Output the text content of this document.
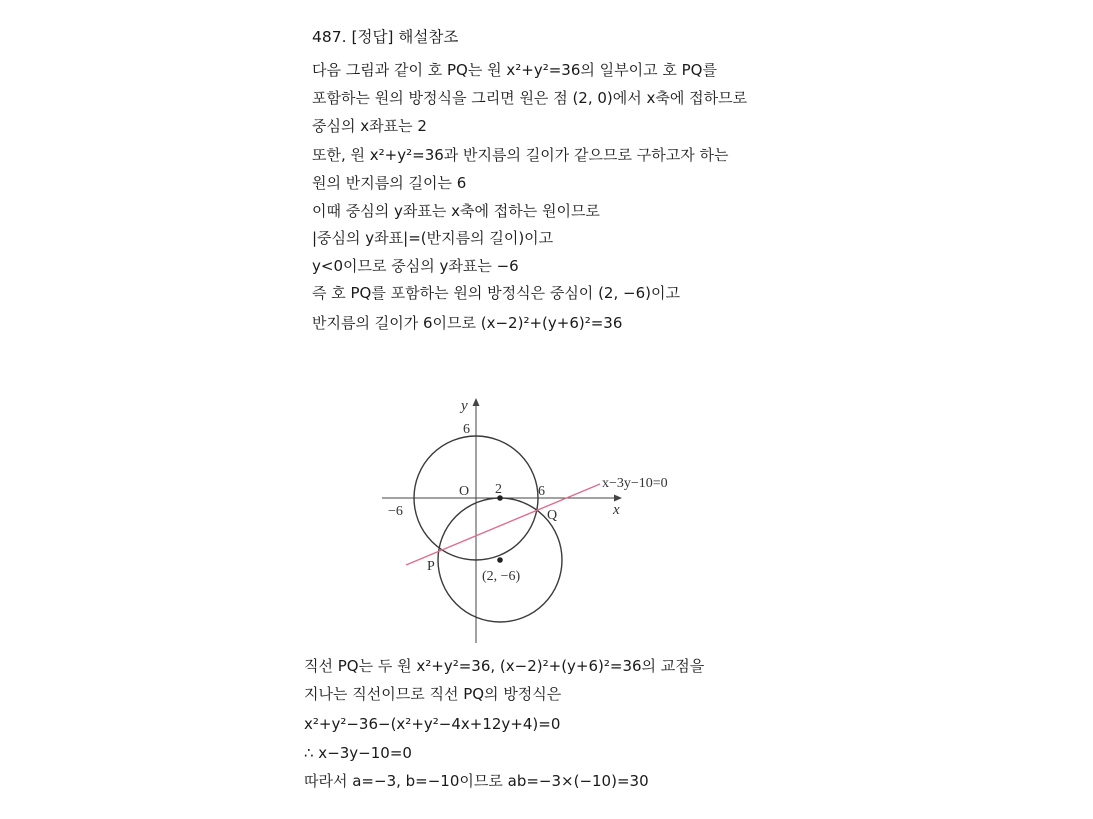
487. [정답] 해설참조
다음 그림과 같이 호 PQ는 원 x²+y²=36의 일부이고 호 PQ를
포함하는 원의 방정식을 그리면 원은 점 (2, 0)에서 x축에 접하므로
중심의 x좌표는 2
또한, 원 x²+y²=36과 반지름의 길이가 같으므로 구하고자 하는
원의 반지름의 길이는 6
이때 중심의 y좌표는 x축에 접하는 원이므로
|중심의 y좌표|=(반지름의 길이)이고
y<0이므로 중심의 y좌표는 −6
즉 호 PQ를 포함하는 원의 방정식은 중심이 (2, −6)이고
반지름의 길이가 6이므로 (x−2)²+(y+6)²=36
y
x
6
O 2	6
−6	Q
P
(2, −6)
x−3y−10=0
직선 PQ는 두 원 x²+y²=36, (x−2)²+(y+6)²=36의 교점을
지나는 직선이므로 직선 PQ의 방정식은
x²+y²−36−(x²+y²−4x+12y+4)=0
∴ x−3y−10=0
따라서 a=−3, b=−10이므로 ab=−3×(−10)=30
